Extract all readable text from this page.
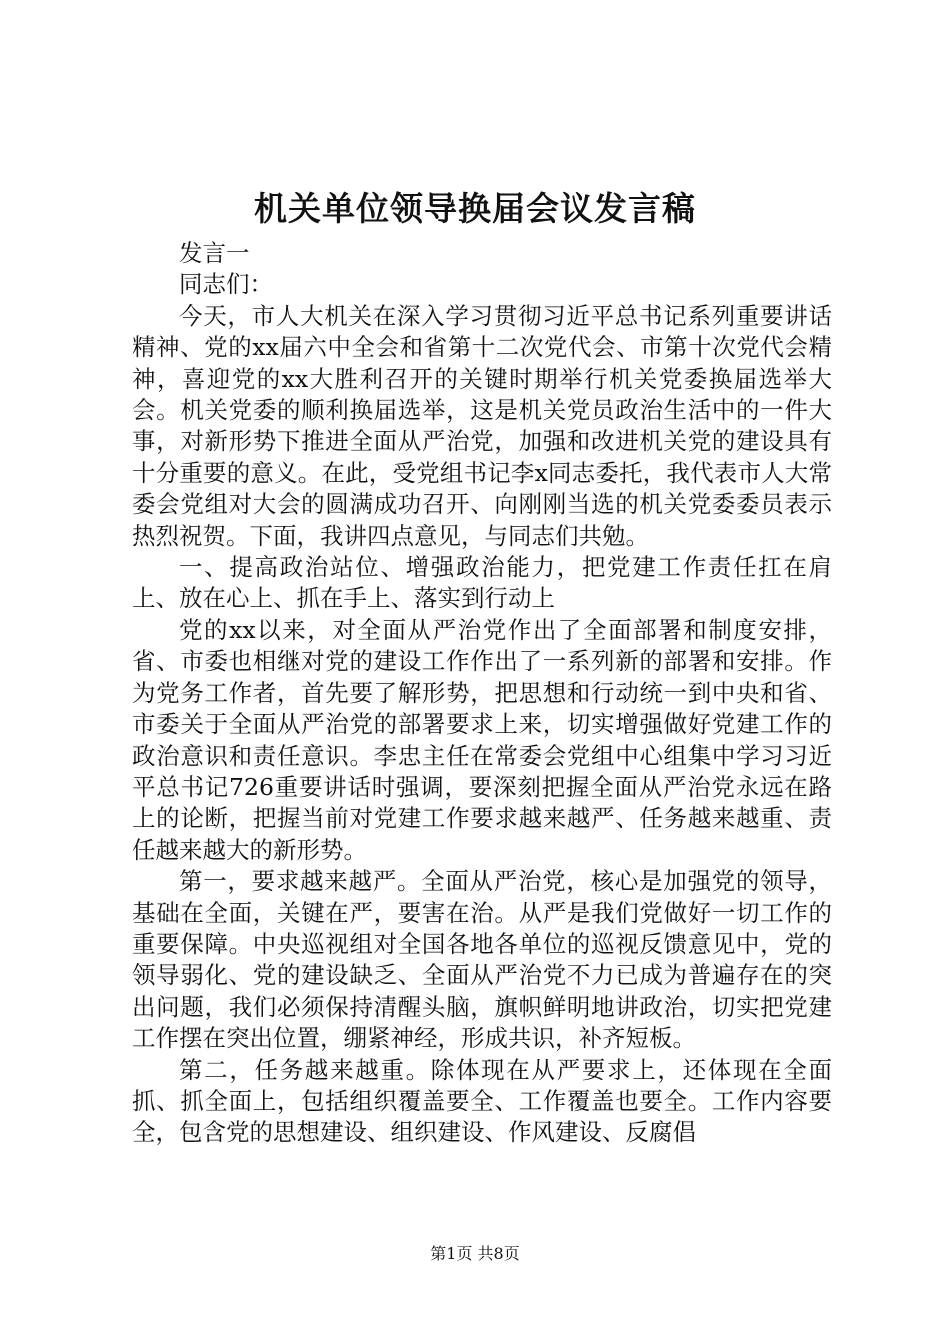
机关单位领导换届会议发言稿

发言一

同志们：

今天，市人大机关在深入学习贯彻习近平总书记系列重要讲话精神、党的xx届六中全会和省第十二次党代会、市第十次党代会精神，喜迎党的xx大胜利召开的关键时期举行机关党委换届选举大会。机关党委的顺利换届选举，这是机关党员政治生活中的一件大事，对新形势下推进全面从严治党，加强和改进机关党的建设具有十分重要的意义。在此，受党组书记李x同志委托，我代表市人大常委会党组对大会的圆满成功召开、向刚刚当选的机关党委委员表示热烈祝贺。下面，我讲四点意见，与同志们共勉。

一、提高政治站位、增强政治能力，把党建工作责任扛在肩上、放在心上、抓在手上、落实到行动上

党的xx以来，对全面从严治党作出了全面部署和制度安排，省、市委也相继对党的建设工作作出了一系列新的部署和安排。作为党务工作者，首先要了解形势，把思想和行动统一到中央和省、市委关于全面从严治党的部署要求上来，切实增强做好党建工作的政治意识和责任意识。李忠主任在常委会党组中心组集中学习习近平总书记726重要讲话时强调，要深刻把握全面从严治党永远在路上的论断，把握当前对党建工作要求越来越严、任务越来越重、责任越来越大的新形势。

第一，要求越来越严。全面从严治党，核心是加强党的领导，基础在全面，关键在严，要害在治。从严是我们党做好一切工作的重要保障。中央巡视组对全国各地各单位的巡视反馈意见中，党的领导弱化、党的建设缺乏、全面从严治党不力已成为普遍存在的突出问题，我们必须保持清醒头脑，旗帜鲜明地讲政治，切实把党建工作摆在突出位置，绷紧神经，形成共识，补齐短板。

第二，任务越来越重。除体现在从严要求上，还体现在全面抓、抓全面上，包括组织覆盖要全、工作覆盖也要全。工作内容要全，包含党的思想建设、组织建设、作风建设、反腐倡

第1页 共8页
